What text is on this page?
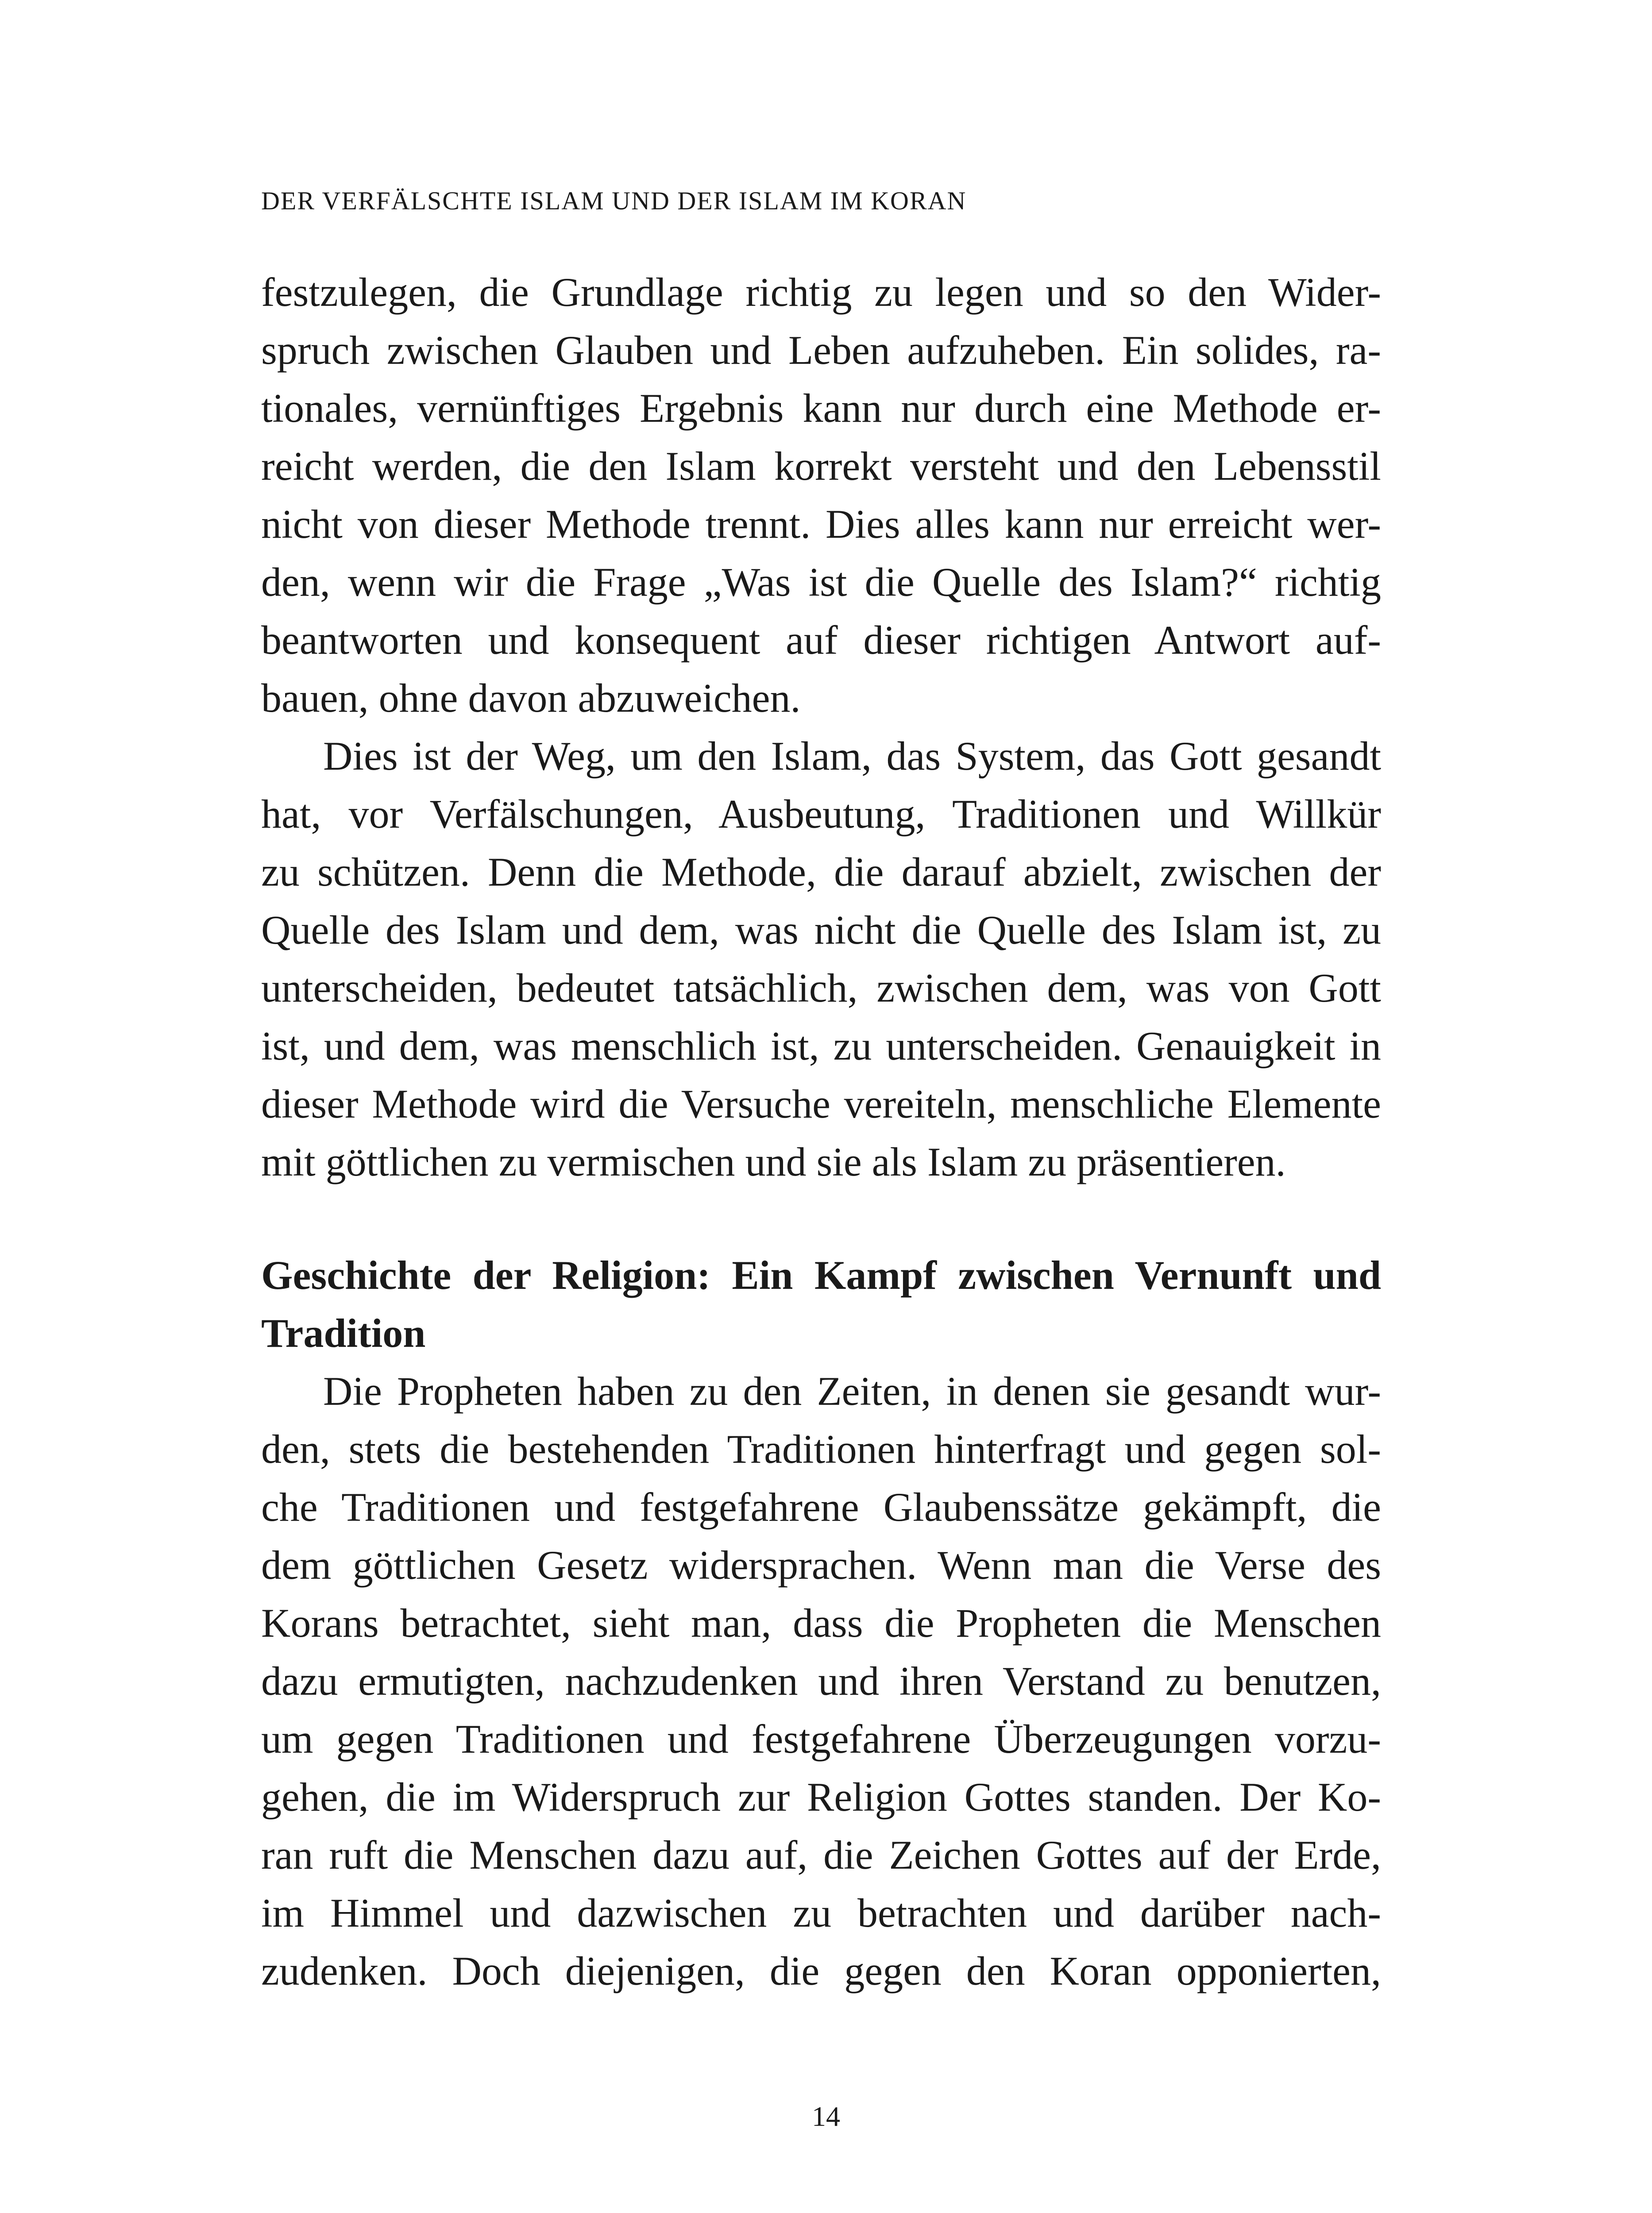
DER VERFÄLSCHTE ISLAM UND DER ISLAM IM KORAN
festzulegen, die Grundlage richtig zu legen und so den Wider-
spruch zwischen Glauben und Leben aufzuheben. Ein solides, ra-
tionales, vernünftiges Ergebnis kann nur durch eine Methode er-
reicht werden, die den Islam korrekt versteht und den Lebensstil
nicht von dieser Methode trennt. Dies alles kann nur erreicht wer-
den, wenn wir die Frage „Was ist die Quelle des Islam?“ richtig
beantworten und konsequent auf dieser richtigen Antwort auf-
bauen, ohne davon abzuweichen.
Dies ist der Weg, um den Islam, das System, das Gott gesandt
hat, vor Verfälschungen, Ausbeutung, Traditionen und Willkür
zu schützen. Denn die Methode, die darauf abzielt, zwischen der
Quelle des Islam und dem, was nicht die Quelle des Islam ist, zu
unterscheiden, bedeutet tatsächlich, zwischen dem, was von Gott
ist, und dem, was menschlich ist, zu unterscheiden. Genauigkeit in
dieser Methode wird die Versuche vereiteln, menschliche Elemente
mit göttlichen zu vermischen und sie als Islam zu präsentieren.
Geschichte der Religion: Ein Kampf zwischen Vernunft und
Tradition
Die Propheten haben zu den Zeiten, in denen sie gesandt wur-
den, stets die bestehenden Traditionen hinterfragt und gegen sol-
che Traditionen und festgefahrene Glaubenssätze gekämpft, die
dem göttlichen Gesetz widersprachen. Wenn man die Verse des
Korans betrachtet, sieht man, dass die Propheten die Menschen
dazu ermutigten, nachzudenken und ihren Verstand zu benutzen,
um gegen Traditionen und festgefahrene Überzeugungen vorzu-
gehen, die im Widerspruch zur Religion Gottes standen. Der Ko-
ran ruft die Menschen dazu auf, die Zeichen Gottes auf der Erde,
im Himmel und dazwischen zu betrachten und darüber nach-
zudenken. Doch diejenigen, die gegen den Koran opponierten,
14
